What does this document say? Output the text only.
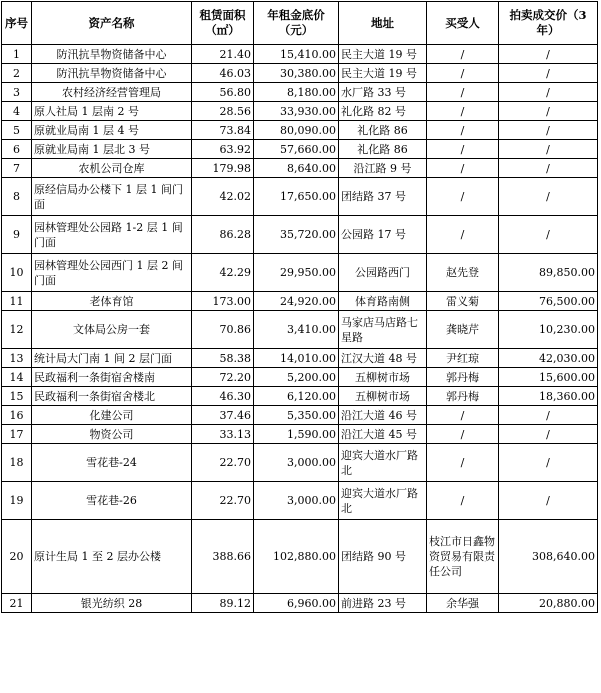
序号	资产名称	租赁面积（㎡）	年租金底价（元）	地址	买受人	拍卖成交价（3年）
1	防汛抗旱物资储备中心	21.40	15,410.00	民主大道 19 号	/	/
2	防汛抗旱物资储备中心	46.03	30,380.00	民主大道 19 号	/	/
3	农村经济经营管理局	56.80	8,180.00	水厂路 33 号	/	/
4	原人社局 1 层南 2 号	28.56	33,930.00	礼化路 82 号	/	/
5	原就业局南 1 层 4 号	73.84	80,090.00	礼化路 86	/	/
6	原就业局南 1 层北 3 号	63.92	57,660.00	礼化路 86	/	/
7	农机公司仓库	179.98	8,640.00	沿江路 9 号	/	/
8	原经信局办公楼下 1 层 1 间门面	42.02	17,650.00	团结路 37 号	/	/
9	园林管理处公园路 1-2 层 1 间门面	86.28	35,720.00	公园路 17 号	/	/
10	园林管理处公园西门 1 层 2 间门面	42.29	29,950.00	公园路西门	赵先登	89,850.00
11	老体育馆	173.00	24,920.00	体育路南侧	雷义菊	76,500.00
12	文体局公房一套	70.86	3,410.00	马家店马店路七星路	龚晓芹	10,230.00
13	统计局大门南 1 间 2 层门面	58.38	14,010.00	江汉大道 48 号	尹红琼	42,030.00
14	民政福利一条街宿舍楼南	72.20	5,200.00	五柳树市场	郭丹梅	15,600.00
15	民政福利一条街宿舍楼北	46.30	6,120.00	五柳树市场	郭丹梅	18,360.00
16	化建公司	37.46	5,350.00	沿江大道 46 号	/	/
17	物资公司	33.13	1,590.00	沿江大道 45 号	/	/
18	雪花巷-24	22.70	3,000.00	迎宾大道水厂路北	/	/
19	雪花巷-26	22.70	3,000.00	迎宾大道水厂路北	/	/
20	原计生局 1 至 2 层办公楼	388.66	102,880.00	团结路 90 号	枝江市日鑫物资贸易有限责任公司	308,640.00
21	银光纺织 28	89.12	6,960.00	前进路 23 号	余华强	20,880.00
